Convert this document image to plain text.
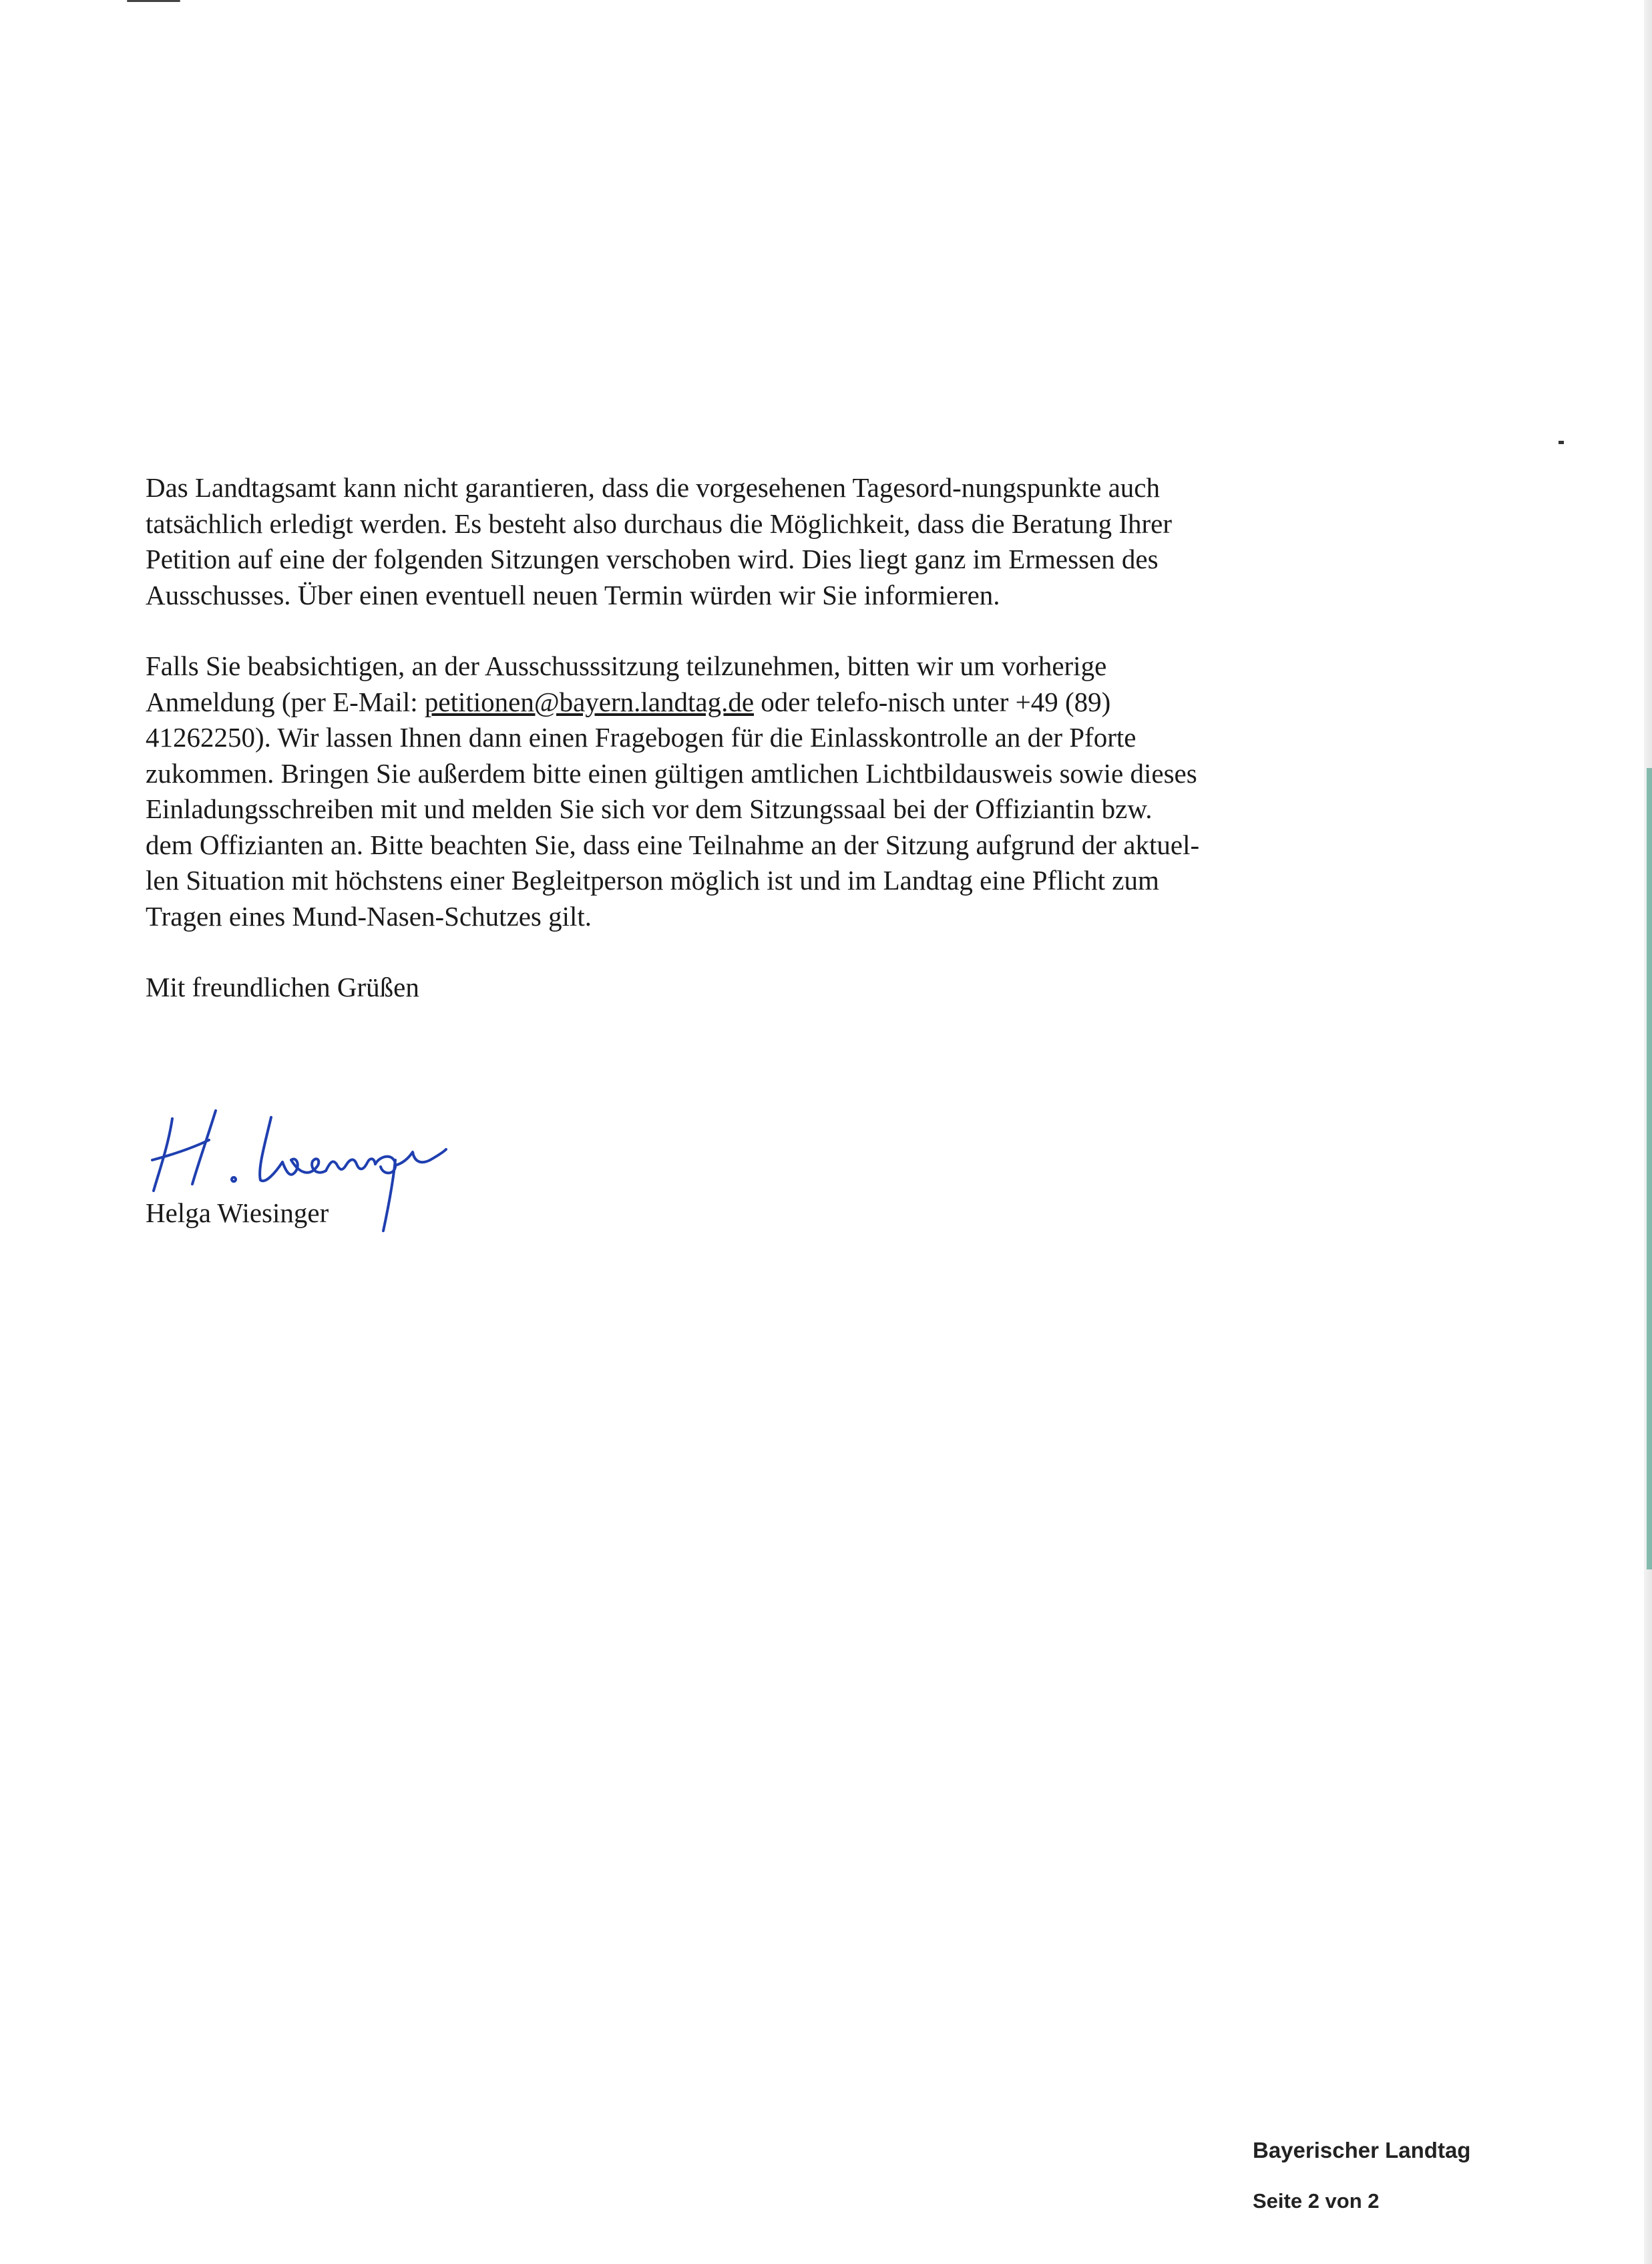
Das Landtagsamt kann nicht garantieren, dass die vorgesehenen Tagesord-nungspunkte auch tatsächlich erledigt werden. Es besteht also durchaus die Möglichkeit, dass die Beratung Ihrer Petition auf eine der folgenden Sitzungen verschoben wird. Dies liegt ganz im Ermessen des Ausschusses. Über einen eventuell neuen Termin würden wir Sie informieren.

Falls Sie beabsichtigen, an der Ausschusssitzung teilzunehmen, bitten wir um vorherige Anmeldung (per E-Mail: petitionen@bayern.landtag.de oder telefo-nisch unter +49 (89) 41262250). Wir lassen Ihnen dann einen Fragebogen für die Einlasskontrolle an der Pforte zukommen. Bringen Sie außerdem bitte einen gültigen amtlichen Lichtbildausweis sowie dieses Einladungsschreiben mit und melden Sie sich vor dem Sitzungssaal bei der Offiziantin bzw. dem Offizianten an. Bitte beachten Sie, dass eine Teilnahme an der Sitzung aufgrund der aktuel-len Situation mit höchstens einer Begleitperson möglich ist und im Landtag eine Pflicht zum Tragen eines Mund-Nasen-Schutzes gilt.

Mit freundlichen Grüßen

Helga Wiesinger
Bayerischer Landtag
Seite 2 von 2
